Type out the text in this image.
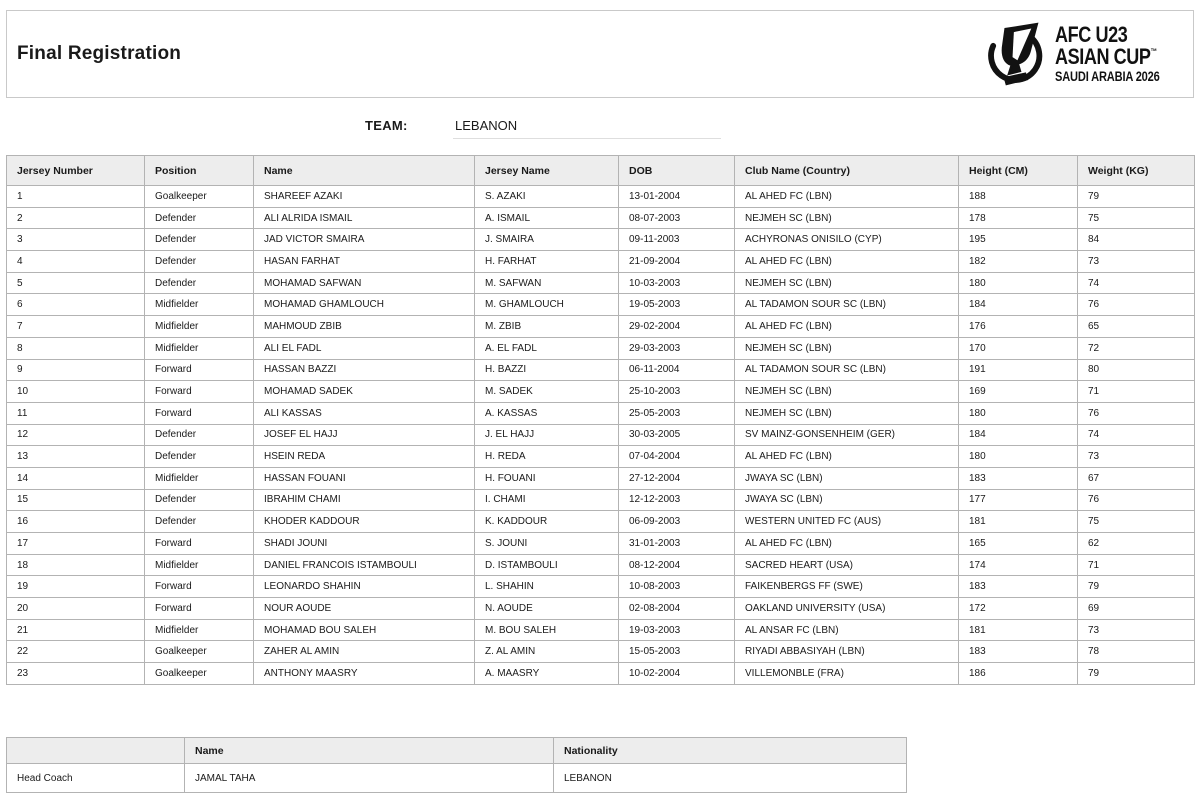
Final Registration
AFC U23
ASIAN CUP™
SAUDI ARABIA 2026
TEAM:	LEBANON
Jersey Number	Position	Name	Jersey Name	DOB	Club Name (Country)	Height (CM)	Weight (KG)
1	Goalkeeper	SHAREEF AZAKI	S. AZAKI	13-01-2004	AL AHED FC (LBN)	188	79
2	Defender	ALI ALRIDA ISMAIL	A. ISMAIL	08-07-2003	NEJMEH SC (LBN)	178	75
3	Defender	JAD VICTOR SMAIRA	J. SMAIRA	09-11-2003	ACHYRONAS ONISILO (CYP)	195	84
4	Defender	HASAN FARHAT	H. FARHAT	21-09-2004	AL AHED FC (LBN)	182	73
5	Defender	MOHAMAD SAFWAN	M. SAFWAN	10-03-2003	NEJMEH SC (LBN)	180	74
6	Midfielder	MOHAMAD GHAMLOUCH	M. GHAMLOUCH	19-05-2003	AL TADAMON SOUR SC (LBN)	184	76
7	Midfielder	MAHMOUD ZBIB	M. ZBIB	29-02-2004	AL AHED FC (LBN)	176	65
8	Midfielder	ALI EL FADL	A. EL FADL	29-03-2003	NEJMEH SC (LBN)	170	72
9	Forward	HASSAN BAZZI	H. BAZZI	06-11-2004	AL TADAMON SOUR SC (LBN)	191	80
10	Forward	MOHAMAD SADEK	M. SADEK	25-10-2003	NEJMEH SC (LBN)	169	71
11	Forward	ALI KASSAS	A. KASSAS	25-05-2003	NEJMEH SC (LBN)	180	76
12	Defender	JOSEF EL HAJJ	J. EL HAJJ	30-03-2005	SV MAINZ-GONSENHEIM (GER)	184	74
13	Defender	HSEIN REDA	H. REDA	07-04-2004	AL AHED FC (LBN)	180	73
14	Midfielder	HASSAN FOUANI	H. FOUANI	27-12-2004	JWAYA SC (LBN)	183	67
15	Defender	IBRAHIM CHAMI	I. CHAMI	12-12-2003	JWAYA SC (LBN)	177	76
16	Defender	KHODER KADDOUR	K. KADDOUR	06-09-2003	WESTERN UNITED FC (AUS)	181	75
17	Forward	SHADI JOUNI	S. JOUNI	31-01-2003	AL AHED FC (LBN)	165	62
18	Midfielder	DANIEL FRANCOIS ISTAMBOULI	D. ISTAMBOULI	08-12-2004	SACRED HEART (USA)	174	71
19	Forward	LEONARDO SHAHIN	L. SHAHIN	10-08-2003	FAIKENBERGS FF (SWE)	183	79
20	Forward	NOUR AOUDE	N. AOUDE	02-08-2004	OAKLAND UNIVERSITY (USA)	172	69
21	Midfielder	MOHAMAD BOU SALEH	M. BOU SALEH	19-03-2003	AL ANSAR FC (LBN)	181	73
22	Goalkeeper	ZAHER AL AMIN	Z. AL AMIN	15-05-2003	RIYADI ABBASIYAH (LBN)	183	78
23	Goalkeeper	ANTHONY MAASRY	A. MAASRY	10-02-2004	VILLEMONBLE (FRA)	186	79
	Name	Nationality
Head Coach	JAMAL TAHA	LEBANON
